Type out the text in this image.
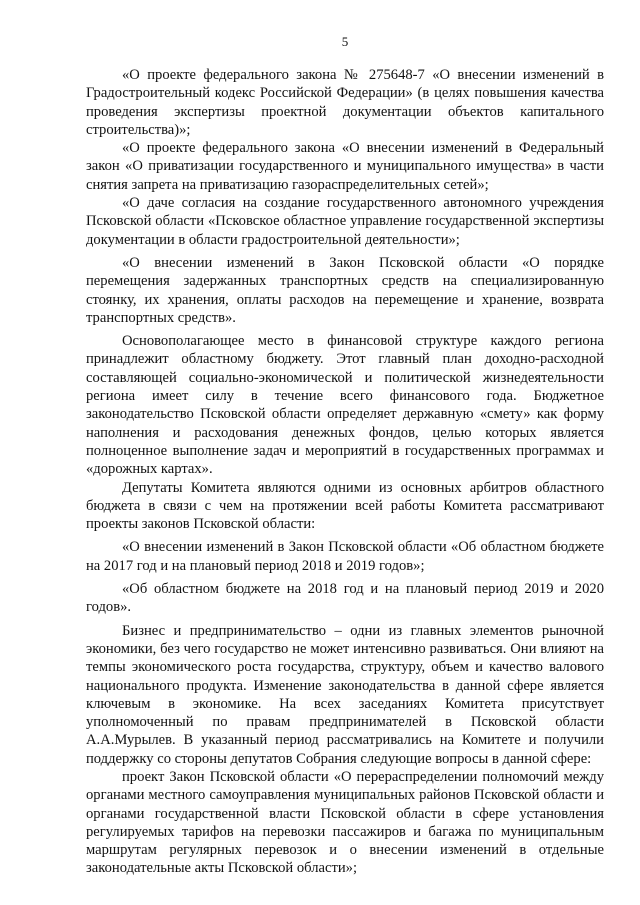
5

«О проекте федерального закона № 275648-7 «О внесении изменений в Градостроительный кодекс Российской Федерации» (в целях повышения качества проведения экспертизы проектной документации объектов капитального строительства)»;

«О проекте федерального закона «О внесении изменений в Федеральный закон «О приватизации государственного и муниципального имущества» в части снятия запрета на приватизацию газораспределительных сетей»;

«О даче согласия на создание государственного автономного учреждения Псковской области «Псковское областное управление государственной экспертизы документации в области градостроительной деятельности»;

«О внесении изменений в Закон Псковской области «О порядке перемещения задержанных транспортных средств на специализированную стоянку, их хранения, оплаты расходов на перемещение и хранение, возврата транспортных средств».

Основополагающее место в финансовой структуре каждого региона принадлежит областному бюджету. Этот главный план доходно-расходной составляющей социально-экономической и политической жизнедеятельности региона имеет силу в течение всего финансового года. Бюджетное законодательство Псковской области определяет державную «смету» как форму наполнения и расходования денежных фондов, целью которых является полноценное выполнение задач и мероприятий в государственных программах и «дорожных картах».

Депутаты Комитета являются одними из основных арбитров областного бюджета в связи с чем на протяжении всей работы Комитета рассматривают проекты законов Псковской области:

«О внесении изменений в Закон Псковской области «Об областном бюджете на 2017 год и на плановый период 2018 и 2019 годов»;

«Об областном бюджете на 2018 год и на плановый период 2019 и 2020 годов».

Бизнес и предпринимательство – одни из главных элементов рыночной экономики, без чего государство не может интенсивно развиваться. Они влияют на темпы экономического роста государства, структуру, объем и качество валового национального продукта. Изменение законодательства в данной сфере является ключевым в экономике. На всех заседаниях Комитета присутствует уполномоченный по правам предпринимателей в Псковской области А.А.Мурылев. В указанный период рассматривались на Комитете и получили поддержку со стороны депутатов Собрания следующие вопросы в данной сфере:

проект Закон Псковской области «О перераспределении полномочий между органами местного самоуправления муниципальных районов Псковской области и органами государственной власти Псковской области в сфере установления регулируемых тарифов на перевозки пассажиров и багажа по муниципальным маршрутам регулярных перевозок и о внесении изменений в отдельные законодательные акты Псковской области»;
